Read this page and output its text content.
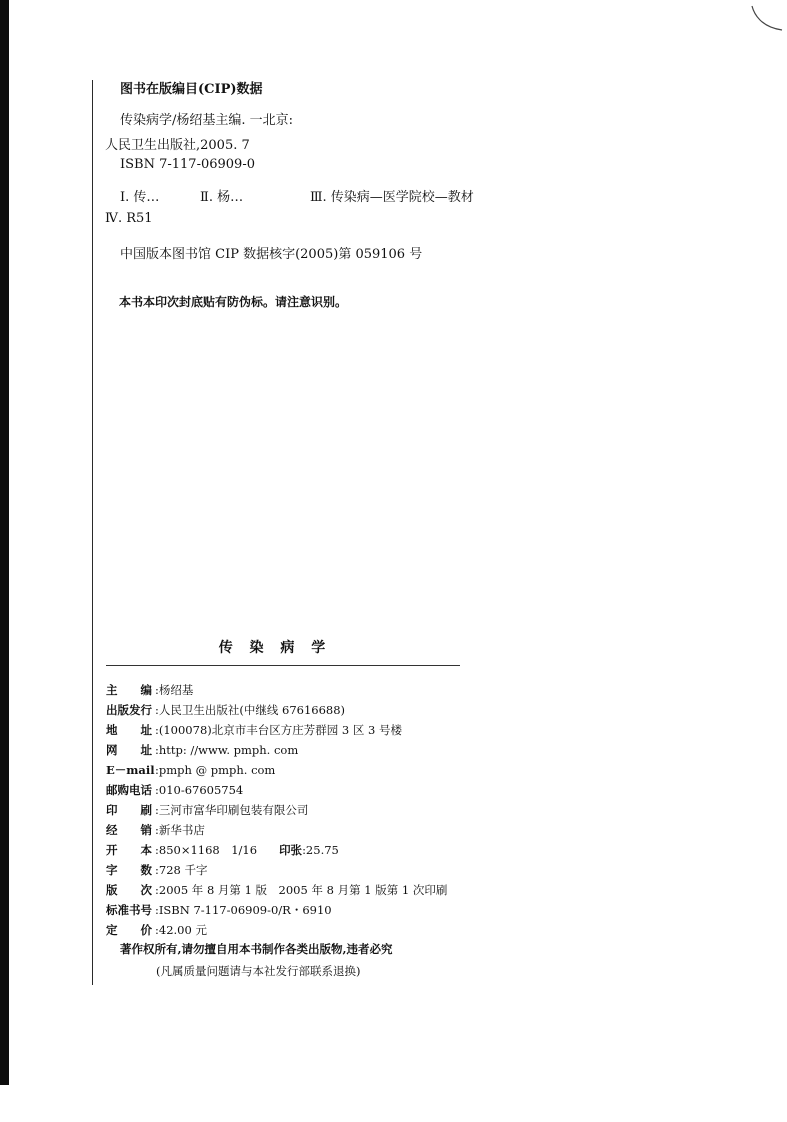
图书在版编目(CIP)数据
传染病学/杨绍基主编. 一北京:
人民卫生出版社,2005. 7
ISBN 7-117-06909-0
Ⅰ. 传…	Ⅱ. 杨…	Ⅲ. 传染病—医学院校—教材
Ⅳ. R51
中国版本图书馆 CIP 数据核字(2005)第 059106 号
本书本印次封底贴有防伪标。请注意识别。
传 染 病 学
主　　编 :杨绍基
出版发行 :人民卫生出版社(中继线 67616688)
地　　址 :(100078)北京市丰台区方庄芳群园 3 区 3 号楼
网　　址 :http: //www. pmph. com
E－mail:pmph @ pmph. com
邮购电话 :010-67605754
印　　刷 :三河市富华印刷包装有限公司
经　　销 :新华书店
开　　本 :850×1168　1/16 印张:25.75
字　　数 :728 千字
版　　次 :2005 年 8 月第 1 版　2005 年 8 月第 1 版第 1 次印刷
标准书号 :ISBN 7-117-06909-0/R・6910
定　　价 :42.00 元
著作权所有,请勿擅自用本书制作各类出版物,违者必究
(凡属质量问题请与本社发行部联系退换)
